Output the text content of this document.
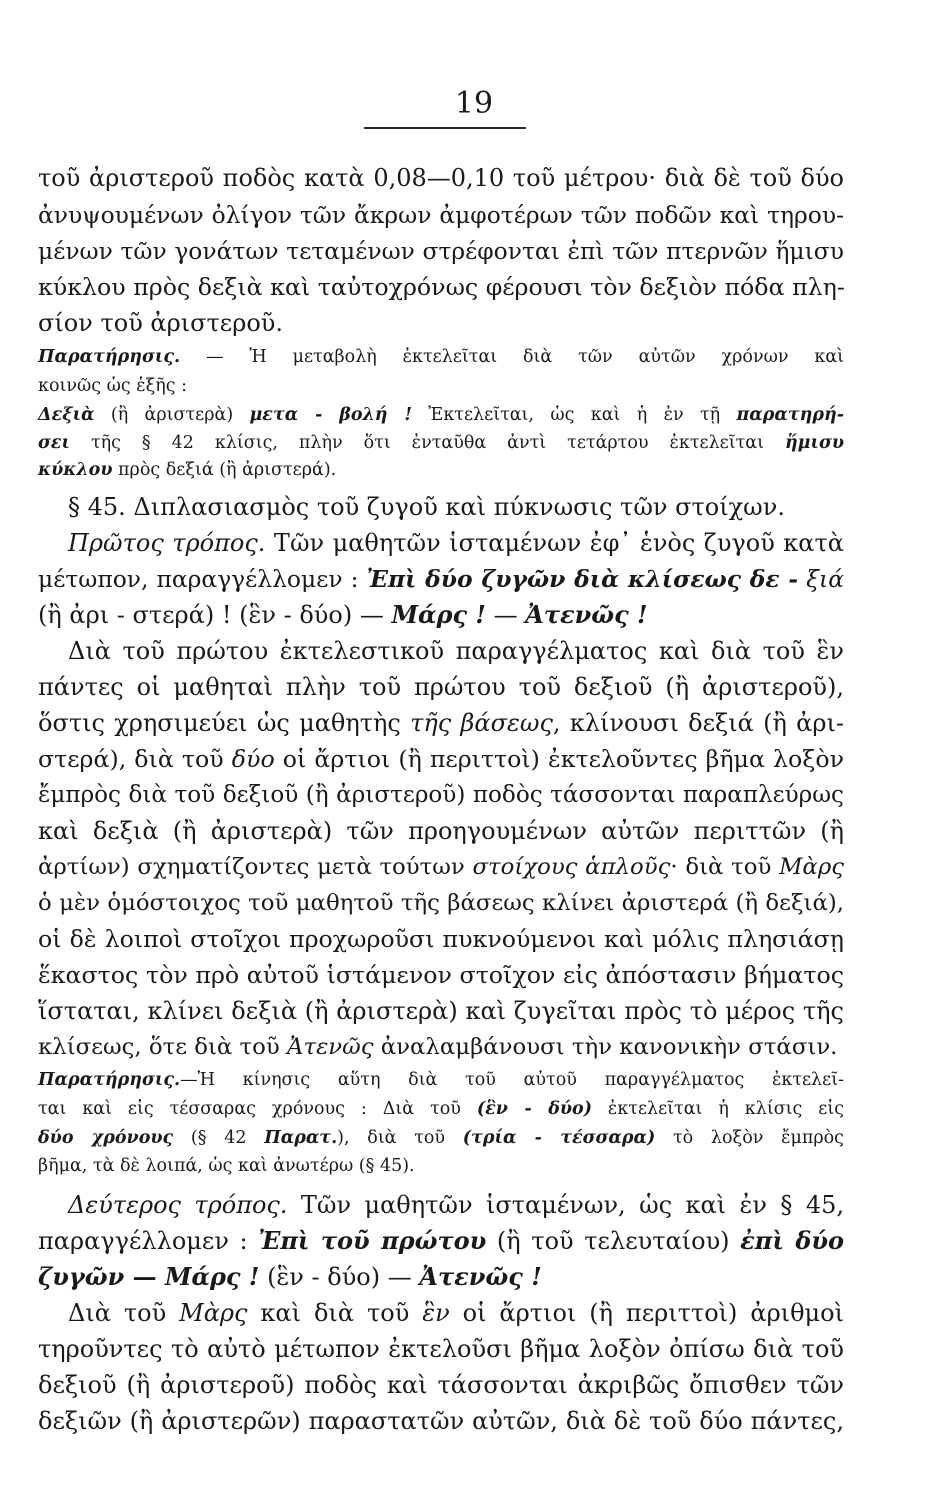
19
τοῦ ἀριστεροῦ ποδὸς κατὰ 0,08—0,10 τοῦ μέτρου· διὰ δὲ τοῦ δύο
ἀνυψουμένων ὀλίγον τῶν ἄκρων ἀμφοτέρων τῶν ποδῶν καὶ τηρου-
μένων τῶν γονάτων τεταμένων στρέφονται ἐπὶ τῶν πτερνῶν ἥμισυ
κύκλου πρὸς δεξιὰ καὶ ταὐτοχρόνως φέρουσι τὸν δεξιὸν πόδα πλη-
σίον τοῦ ἀριστεροῦ.
Παρατήρησις. — Ἡ μεταβολὴ ἐκτελεῖται διὰ τῶν αὐτῶν χρόνων καὶ
κοινῶς ὡς ἑξῆς :
Δεξιὰ (ἢ ἀριστερὰ) μετα - βολή ! Ἐκτελεῖται, ὡς καὶ ἡ ἐν τῇ παρατηρή-
σει τῆς § 42 κλίσις, πλὴν ὅτι ἐνταῦθα ἀντὶ τετάρτου ἐκτελεῖται ἥμισυ
κύκλου πρὸς δεξιά (ἢ ἀριστερά).
§ 45. Διπλασιασμὸς τοῦ ζυγοῦ καὶ πύκνωσις τῶν στοίχων.
Πρῶτος τρόπος. Τῶν μαθητῶν ἱσταμένων ἐφ᾽ ἑνὸς ζυγοῦ κατὰ
μέτωπον, παραγγέλλομεν : Ἐπὶ δύο ζυγῶν διὰ κλίσεως δε - ξιά
(ἢ ἀρι - στερά) ! (ἓν - δύο) — Μάρς ! — Ἀτενῶς !
Διὰ τοῦ πρώτου ἐκτελεστικοῦ παραγγέλματος καὶ διὰ τοῦ ἓν
πάντες οἱ μαθηταὶ πλὴν τοῦ πρώτου τοῦ δεξιοῦ (ἢ ἀριστεροῦ),
ὅστις χρησιμεύει ὡς μαθητὴς τῆς βάσεως, κλίνουσι δεξιά (ἢ ἀρι-
στερά), διὰ τοῦ δύο οἱ ἄρτιοι (ἢ περιττοὶ) ἐκτελοῦντες βῆμα λοξὸν
ἔμπρὸς διὰ τοῦ δεξιοῦ (ἢ ἀριστεροῦ) ποδὸς τάσσονται παραπλεύρως
καὶ δεξιὰ (ἢ ἀριστερὰ) τῶν προηγουμένων αὐτῶν περιττῶν (ἢ
ἀρτίων) σχηματίζοντες μετὰ τούτων στοίχους ἁπλοῦς· διὰ τοῦ Μὰρς
ὁ μὲν ὁμόστοιχος τοῦ μαθητοῦ τῆς βάσεως κλίνει ἀριστερά (ἢ δεξιά),
οἱ δὲ λοιποὶ στοῖχοι προχωροῦσι πυκνούμενοι καὶ μόλις πλησιάσῃ
ἕκαστος τὸν πρὸ αὐτοῦ ἱστάμενον στοῖχον εἰς ἀπόστασιν βήματος
ἵσταται, κλίνει δεξιὰ (ἢ ἀριστερὰ) καὶ ζυγεῖται πρὸς τὸ μέρος τῆς
κλίσεως, ὅτε διὰ τοῦ Ἀτενῶς ἀναλαμβάνουσι τὴν κανονικὴν στάσιν.
Παρατήρησις.—Ἡ κίνησις αὕτη διὰ τοῦ αὐτοῦ παραγγέλματος ἐκτελεῖ-
ται καὶ εἰς τέσσαρας χρόνους : Διὰ τοῦ (ἓν - δύο) ἐκτελεῖται ἡ κλίσις εἰς
δύο χρόνους (§ 42 Παρατ.), διὰ τοῦ (τρία - τέσσαρα) τὸ λοξὸν ἔμπρὸς
βῆμα, τὰ δὲ λοιπά, ὡς καὶ ἀνωτέρω (§ 45).
Δεύτερος τρόπος. Τῶν μαθητῶν ἱσταμένων, ὡς καὶ ἐν § 45,
παραγγέλλομεν : Ἐπὶ τοῦ πρώτου (ἢ τοῦ τελευταίου) ἐπὶ δύο
ζυγῶν — Μάρς ! (ἓν - δύο) — Ἀτενῶς !
Διὰ τοῦ Μὰρς καὶ διὰ τοῦ ἓν οἱ ἄρτιοι (ἢ περιττοὶ) ἀριθμοὶ
τηροῦντες τὸ αὐτὸ μέτωπον ἐκτελοῦσι βῆμα λοξὸν ὀπίσω διὰ τοῦ
δεξιοῦ (ἢ ἀριστεροῦ) ποδὸς καὶ τάσσονται ἀκριβῶς ὄπισθεν τῶν
δεξιῶν (ἢ ἀριστερῶν) παραστατῶν αὐτῶν, διὰ δὲ τοῦ δύο πάντες,
